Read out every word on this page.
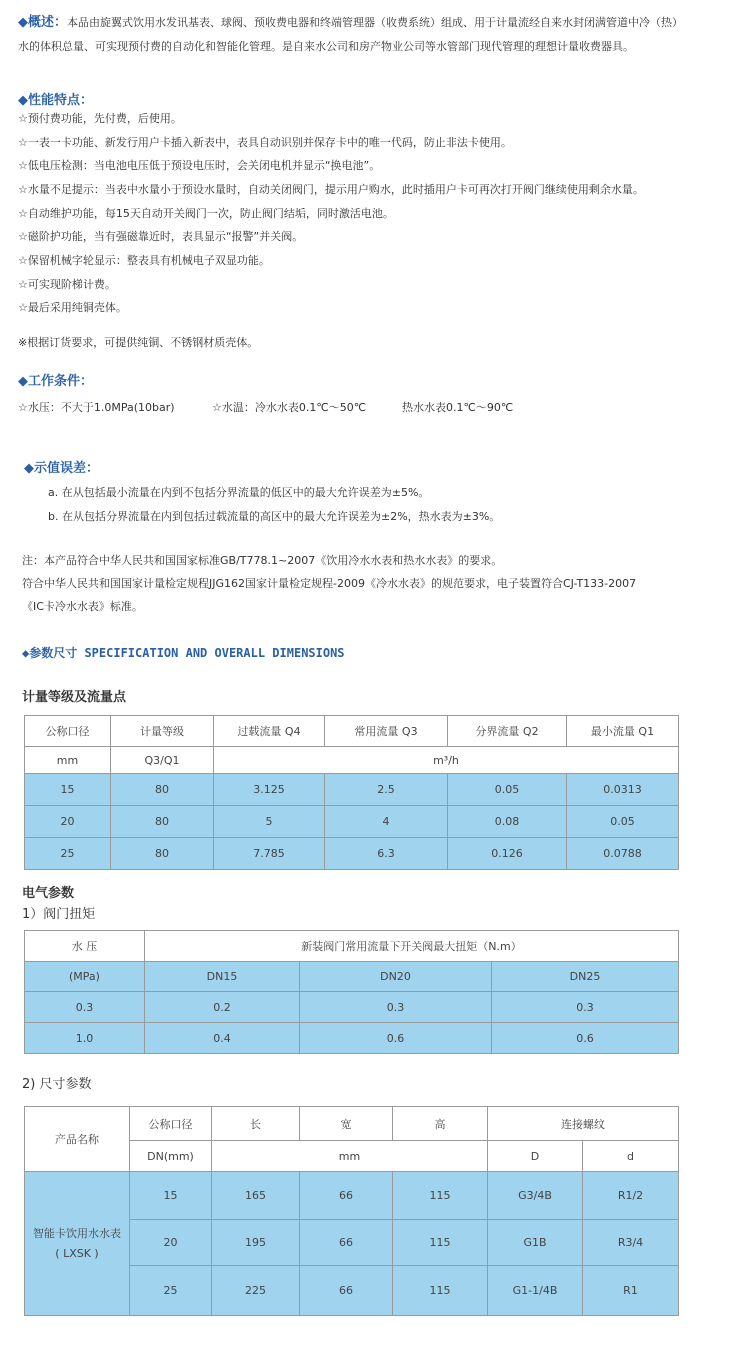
◆概述：本品由旋翼式饮用水发讯基表、球阀、预收费电器和终端管理器（收费系统）组成、用于计量流经自来水封闭满管道中冷（热）
水的体积总量、可实现预付费的自动化和智能化管理。是自来水公司和房产物业公司等水管部门现代管理的理想计量收费器具。
◆性能特点：
☆预付费功能，先付费，后使用。
☆一表一卡功能、新发行用户卡插入新表中，表具自动识别并保存卡中的唯一代码，防止非法卡使用。
☆低电压检测：当电池电压低于预设电压时，会关闭电机并显示“换电池”。
☆水量不足提示：当表中水量小于预设水量时，自动关闭阀门，提示用户购水，此时插用户卡可再次打开阀门继续使用剩余水量。
☆自动维护功能，每15天自动开关阀门一次，防止阀门结垢，同时激活电池。
☆磁阶护功能，当有强磁靠近时，表具显示“报警”并关阀。
☆保留机械字轮显示：整表具有机械电子双显功能。
☆可实现阶梯计费。
☆最后采用纯铜壳体。
※根据订货要求，可提供纯铜、不锈钢材质壳体。
◆工作条件：
☆水压：不大于1.0MPa(10bar)	☆水温：冷水水表0.1℃～50℃	热水水表0.1℃～90℃
◆示值误差：
a. 在从包括最小流量在内到不包括分界流量的低区中的最大允许误差为±5%。
b. 在从包括分界流量在内到包括过载流量的高区中的最大允许误差为±2%，热水表为±3%。
注：本产品符合中华人民共和国国家标准GB/T778.1~2007《饮用冷水水表和热水水表》的要求。
符合中华人民共和国国家计量检定规程JJG162国家计量检定规程-2009《冷水水表》的规范要求，电子装置符合CJ-T133-2007
《IC卡冷水水表》标准。
◆参数尺寸 SPECIFICATION AND OVERALL DIMENSIONS
计量等级及流量点
公称口径	计量等级	过载流量 Q4	常用流量 Q3	分界流量 Q2	最小流量 Q1
mm	Q3/Q1	m³/h			
15	80	3.125	2.5	0.05	0.0313
20	80	5	4	0.08	0.05
25	80	7.785	6.3	0.126	0.0788
电气参数
1）阀门扭矩
水 压	新装阀门常用流量下开关阀最大扭矩（N.m）		
(MPa)	DN15	DN20	DN25
0.3	0.2	0.3	0.3
1.0	0.4	0.6	0.6
2) 尺寸参数
产品名称	公称口径	长	宽	高	连接螺纹	
	DN(mm)	mm			D	d

智能卡饮用水水表
( LXSK )	15	165	66	115	G3/4B	R1/2
	20	195	66	115	G1B	R3/4
	25	225	66	115	G1-1/4B	R1
